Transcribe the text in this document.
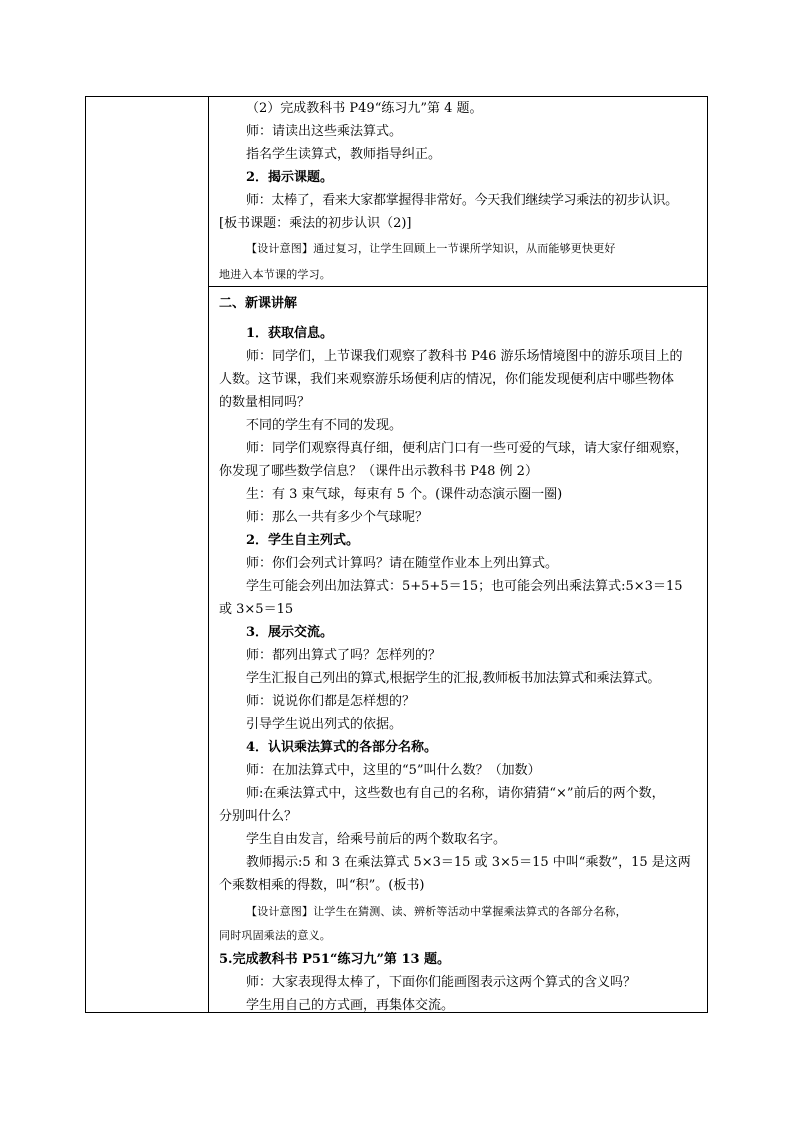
（2）完成教科书 P49“练习九”第 4 题。
师：请读出这些乘法算式。
指名学生读算式，教师指导纠正。
2．揭示课题。
师：太棒了，看来大家都掌握得非常好。今天我们继续学习乘法的初步认识。
[板书课题：乘法的初步认识（2)]
【设计意图】通过复习，让学生回顾上一节课所学知识，从而能够更快更好
地进入本节课的学习。
二、新课讲解
1．获取信息。
师：同学们，上节课我们观察了教科书 P46 游乐场情境图中的游乐项目上的
人数。这节课，我们来观察游乐场便利店的情况，你们能发现便利店中哪些物体
的数量相同吗？
不同的学生有不同的发现。
师：同学们观察得真仔细，便利店门口有一些可爱的气球，请大家仔细观察，
你发现了哪些数学信息？（课件出示教科书 P48 例 2）
生：有 3 束气球，每束有 5 个。(课件动态演示圈一圈)
师：那么一共有多少个气球呢？
2．学生自主列式。
师：你们会列式计算吗？请在随堂作业本上列出算式。
学生可能会列出加法算式：5+5+5＝15；也可能会列出乘法算式:5×3＝15
或 3×5＝15
3．展示交流。
师：都列出算式了吗？怎样列的？
学生汇报自己列出的算式,根据学生的汇报,教师板书加法算式和乘法算式。
师：说说你们都是怎样想的？
引导学生说出列式的依据。
4．认识乘法算式的各部分名称。
师：在加法算式中，这里的“5”叫什么数？（加数）
师:在乘法算式中，这些数也有自己的名称，请你猜猜“×”前后的两个数，
分别叫什么？
学生自由发言，给乘号前后的两个数取名字。
教师揭示:5 和 3 在乘法算式 5×3＝15 或 3×5＝15 中叫“乘数”，15 是这两
个乘数相乘的得数，叫“积”。(板书)
【设计意图】让学生在猜测、读、辨析等活动中掌握乘法算式的各部分名称，
同时巩固乘法的意义。
5.完成教科书 P51“练习九”第 13 题。
师：大家表现得太棒了，下面你们能画图表示这两个算式的含义吗？
学生用自己的方式画，再集体交流。
